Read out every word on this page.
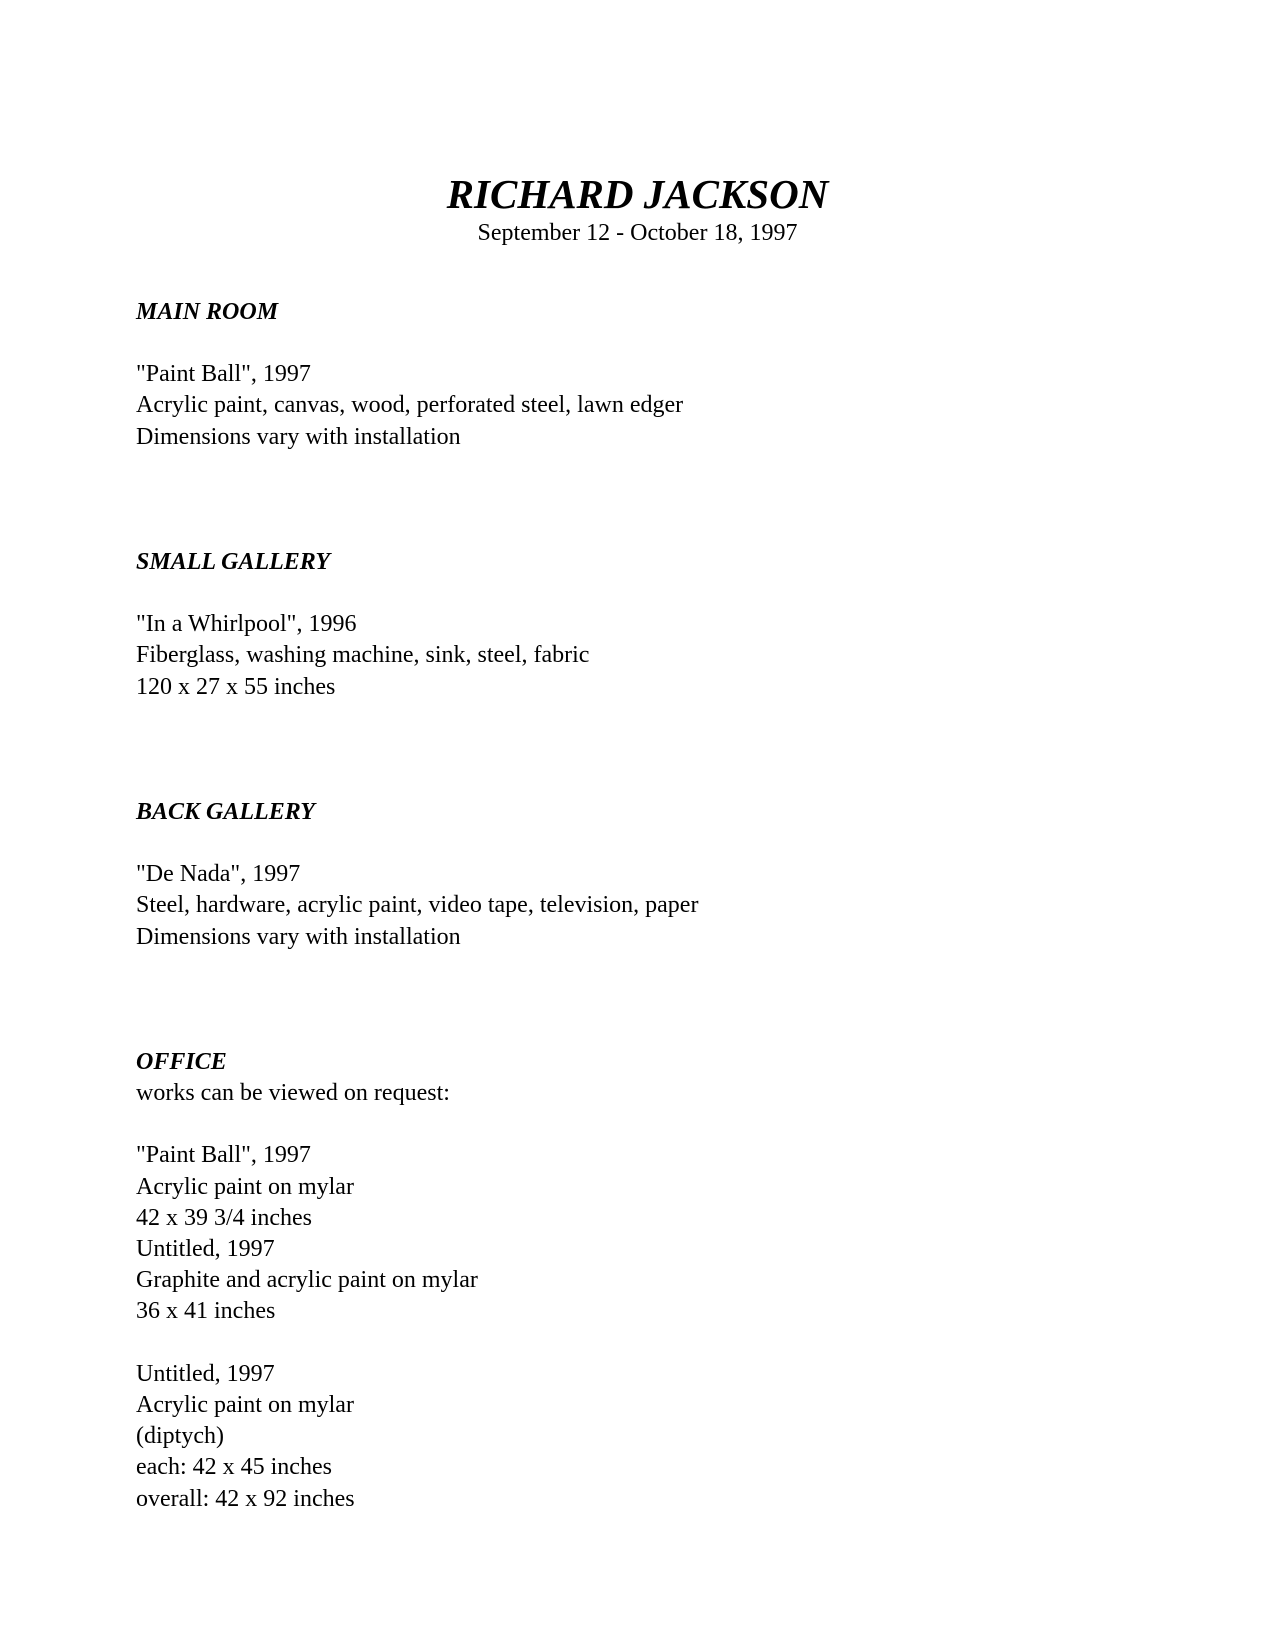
RICHARD JACKSON

September 12 - October 18, 1997

MAIN ROOM

"Paint Ball", 1997

Acrylic paint, canvas, wood, perforated steel, lawn edger

Dimensions vary with installation

SMALL GALLERY

"In a Whirlpool", 1996

Fiberglass, washing machine, sink, steel, fabric

120 x 27 x 55 inches

BACK GALLERY

"De Nada", 1997

Steel, hardware, acrylic paint, video tape, television, paper

Dimensions vary with installation

OFFICE

works can be viewed on request:

"Paint Ball", 1997

Acrylic paint on mylar

42 x 39 3/4 inches

Untitled, 1997

Graphite and acrylic paint on mylar

36 x 41 inches

Untitled, 1997

Acrylic paint on mylar

(diptych)

each: 42 x 45 inches

overall: 42 x 92 inches
